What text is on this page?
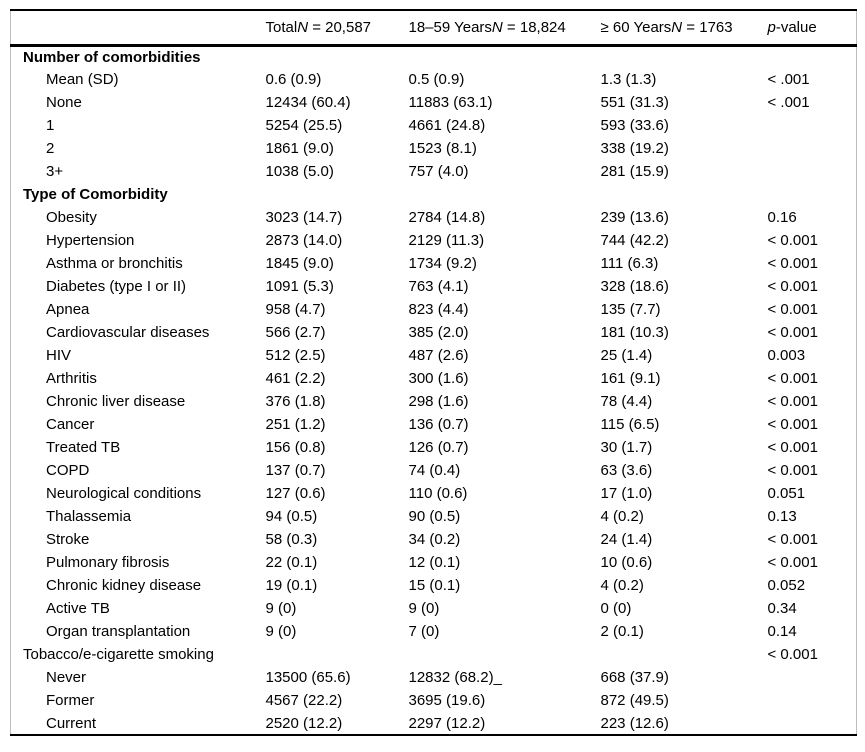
	TotalN = 20,587	18–59 YearsN = 18,824	≥ 60 YearsN = 1763	p-value
Number of comorbidities				
Mean (SD)	0.6 (0.9)	0.5 (0.9)	1.3 (1.3)	< .001
None	12434 (60.4)	11883 (63.1)	551 (31.3)	< .001
1	5254 (25.5)	4661 (24.8)	593 (33.6)	
2	1861 (9.0)	1523 (8.1)	338 (19.2)	
3+	1038 (5.0)	757 (4.0)	281 (15.9)	
Type of Comorbidity				
Obesity	3023 (14.7)	2784 (14.8)	239 (13.6)	0.16
Hypertension	2873 (14.0)	2129 (11.3)	744 (42.2)	< 0.001
Asthma or bronchitis	1845 (9.0)	1734 (9.2)	111 (6.3)	< 0.001
Diabetes (type I or II)	1091 (5.3)	763 (4.1)	328 (18.6)	< 0.001
Apnea	958 (4.7)	823 (4.4)	135 (7.7)	< 0.001
Cardiovascular diseases	566 (2.7)	385 (2.0)	181 (10.3)	< 0.001
HIV	512 (2.5)	487 (2.6)	25 (1.4)	0.003
Arthritis	461 (2.2)	300 (1.6)	161 (9.1)	< 0.001
Chronic liver disease	376 (1.8)	298 (1.6)	78 (4.4)	< 0.001
Cancer	251 (1.2)	136 (0.7)	115 (6.5)	< 0.001
Treated TB	156 (0.8)	126 (0.7)	30 (1.7)	< 0.001
COPD	137 (0.7)	74 (0.4)	63 (3.6)	< 0.001
Neurological conditions	127 (0.6)	110 (0.6)	17 (1.0)	0.051
Thalassemia	94 (0.5)	90 (0.5)	4 (0.2)	0.13
Stroke	58 (0.3)	34 (0.2)	24 (1.4)	< 0.001
Pulmonary fibrosis	22 (0.1)	12 (0.1)	10 (0.6)	< 0.001
Chronic kidney disease	19 (0.1)	15 (0.1)	4 (0.2)	0.052
Active TB	9 (0)	9 (0)	0 (0)	0.34
Organ transplantation	9 (0)	7 (0)	2 (0.1)	0.14
Tobacco/e-cigarette smoking				< 0.001
Never	13500 (65.6)	12832 (68.2)_	668 (37.9)	
Former	4567 (22.2)	3695 (19.6)	872 (49.5)	
Current	2520 (12.2)	2297 (12.2)	223 (12.6)	
